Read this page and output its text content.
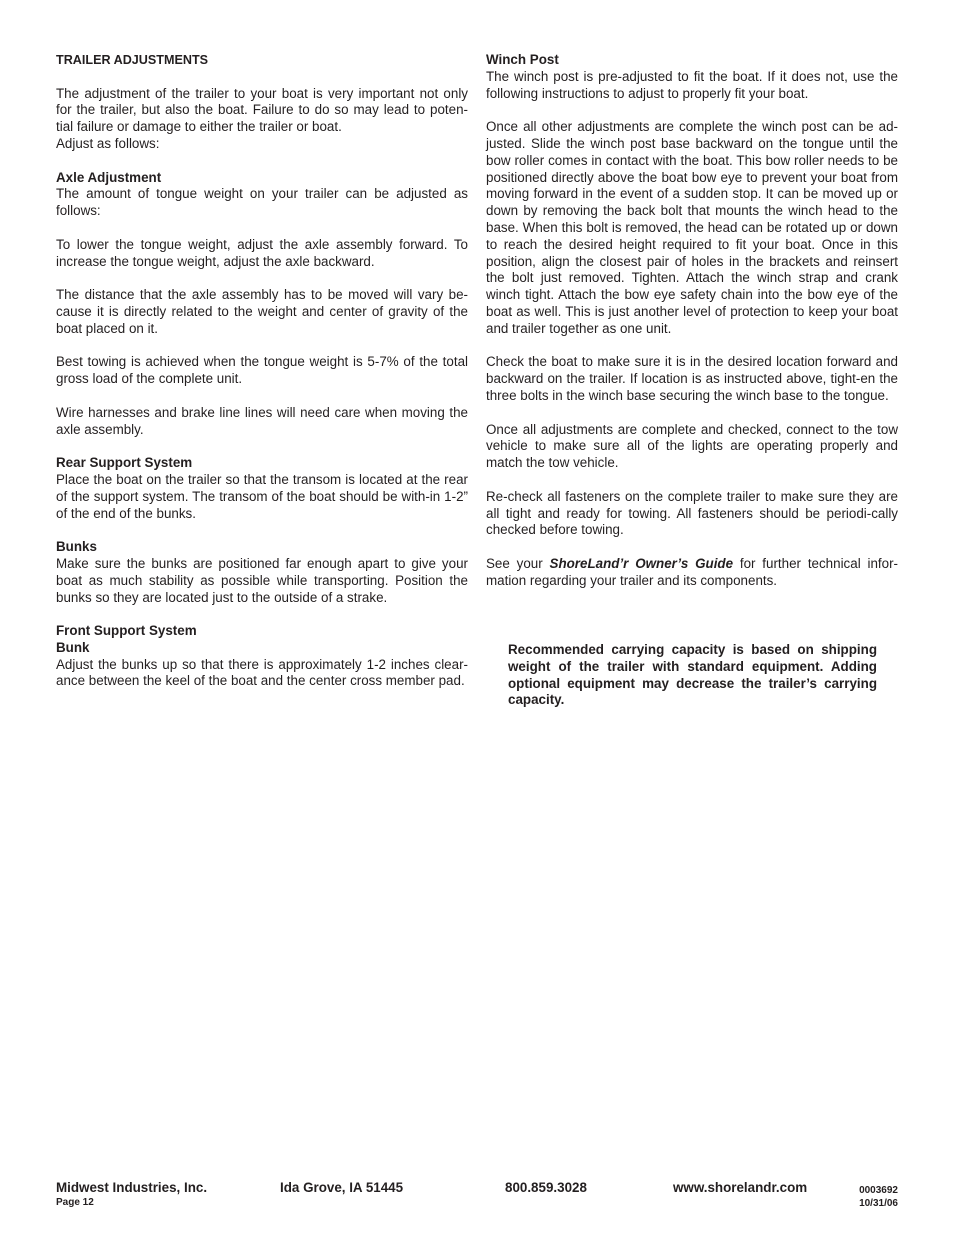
TRAILER ADJUSTMENTS

The adjustment of the trailer to your boat is very important not only for the trailer, but also the boat. Failure to do so may lead to poten-tial failure or damage to either the trailer or boat.

Adjust as follows:

Axle Adjustment

The amount of tongue weight on your trailer can be adjusted as follows:

To lower the tongue weight, adjust the axle assembly forward. To increase the tongue weight, adjust the axle backward.

The distance that the axle assembly has to be moved will vary be-cause it is directly related to the weight and center of gravity of the boat placed on it.

Best towing is achieved when the tongue weight is 5-7% of the total gross load of the complete unit.

Wire harnesses and brake line lines will need care when moving the axle assembly.

Rear Support System

Place the boat on the trailer so that the transom is located at the rear of the support system. The transom of the boat should be with-in 1-2” of the end of the bunks.

Bunks

Make sure the bunks are positioned far enough apart to give your boat as much stability as possible while transporting. Position the bunks so they are located just to the outside of a strake.

Front Support System
Bunk

Adjust the bunks up so that there is approximately 1-2 inches clear-ance between the keel of the boat and the center cross member pad.

Winch Post

The winch post is pre-adjusted to fit the boat. If it does not, use the following instructions to adjust to properly fit your boat.

Once all other adjustments are complete the winch post can be ad-justed. Slide the winch post base backward on the tongue until the bow roller comes in contact with the boat. This bow roller needs to be positioned directly above the boat bow eye to prevent your boat from moving forward in the event of a sudden stop. It can be moved up or down by removing the back bolt that mounts the winch head to the base. When this bolt is removed, the head can be rotated up or down to reach the desired height required to fit your boat. Once in this position, align the closest pair of holes in the brackets and reinsert the bolt just removed. Tighten. Attach the winch strap and crank winch tight. Attach the bow eye safety chain into the bow eye of the boat as well. This is just another level of protection to keep your boat and trailer together as one unit.

Check the boat to make sure it is in the desired location forward and backward on the trailer. If location is as instructed above, tight-en the three bolts in the winch base securing the winch base to the tongue.

Once all adjustments are complete and checked, connect to the tow vehicle to make sure all of the lights are operating properly and match the tow vehicle.

Re-check all fasteners on the complete trailer to make sure they are all tight and ready for towing. All fasteners should be periodi-cally checked before towing.

See your ShoreLand’r Owner’s Guide for further technical infor-mation regarding your trailer and its components.

Recommended carrying capacity is based on shipping weight of the trailer with standard equipment. Adding optional equipment may decrease the trailer’s carrying capacity.
Midwest Industries, Inc.
Page 12
Ida Grove, IA 51445	800.859.3028	www.shorelandr.com	0003692
10/31/06
